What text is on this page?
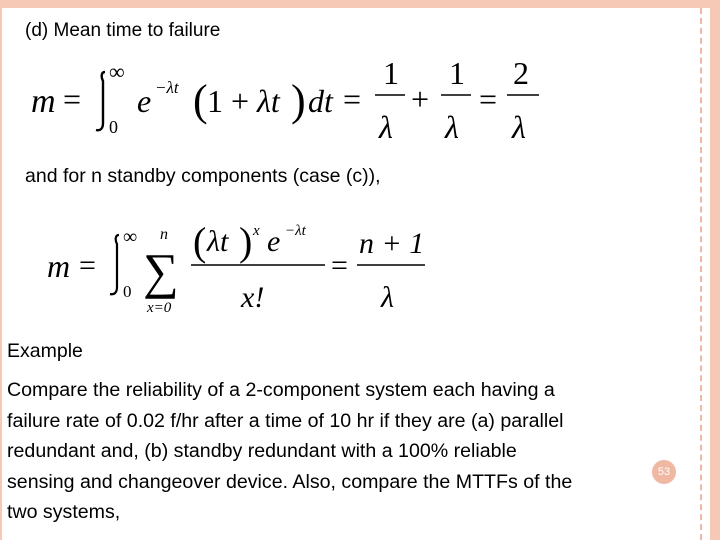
(d) Mean time to failure
m =
∞
0
e −λt ( 1 + λt ) dt =
1
λ
+
1
λ
=
2
λ
and for n standby components (case (c)),
m =
∞
0
n
∑
x=0
( λt ) x e −λt
x!
=
n + 1
λ
Example
53
Compare the reliability of a 2-component system each having a
failure rate of 0.02 f/hr after a time of 10 hr if they are (a) parallel
redundant and, (b) standby redundant with a 100% reliable
sensing and changeover device. Also, compare the MTTFs of the
two systems,
